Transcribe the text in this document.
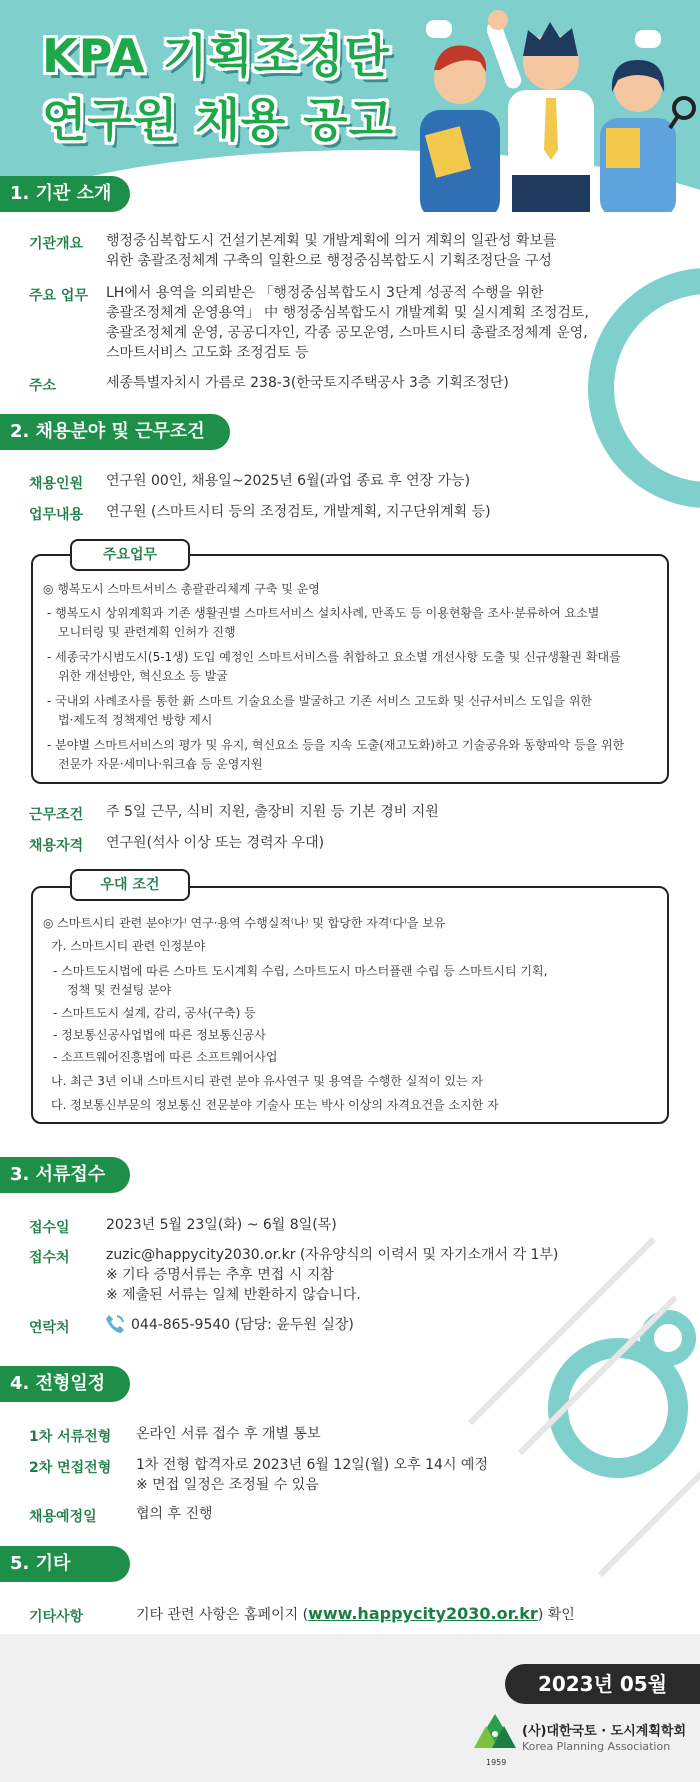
KPA 기획조정단
연구원 채용 공고
1. 기관 소개
기관개요 행정중심복합도시 건설기본계획 및 개발계획에 의거 계획의 일관성 확보를
위한 총괄조정체계 구축의 일환으로 행정중심복합도시 기획조정단을 구성
주요 업무 LH에서 용역을 의뢰받은 「행정중심복합도시 3단계 성공적 수행을 위한
총괄조정체계 운영용역」 中 행정중심복합도시 개발계획 및 실시계획 조정검토,
총괄조정체계 운영, 공공디자인, 각종 공모운영, 스마트시티 총괄조정체계 운영,
스마트서비스 고도화 조정검토 등
주소	세종특별자치시 가름로 238-3(한국토지주택공사 3층 기획조정단)
2. 채용분야 및 근무조건
채용인원 연구원 00인, 채용일~2025년 6월(과업 종료 후 연장 가능)
업무내용 연구원 (스마트시티 등의 조정검토, 개발계획, 지구단위계획 등)
주요업무
◎ 행복도시 스마트서비스 총괄관리체계 구축 및 운영
- 행복도시 상위계획과 기존 생활권별 스마트서비스 설치사례, 만족도 등 이용현황을 조사·분류하여 요소별
모니터링 및 관련계획 인허가 진행
- 세종국가시범도시(5-1생) 도입 예정인 스마트서비스를 취합하고 요소별 개선사항 도출 및 신규생활권 확대를
위한 개선방안, 혁신요소 등 발굴
- 국내외 사례조사를 통한 新 스마트 기술요소를 발굴하고 기존 서비스 고도화 및 신규서비스 도입을 위한
법·제도적 정책제언 방향 제시
- 분야별 스마트서비스의 평가 및 유지, 혁신요소 등을 지속 도출(재고도화)하고 기술공유와 동향파악 등을 위한
전문가 자문·세미나·워크숍 등 운영지원
근무조건 주 5일 근무, 식비 지원, 출장비 지원 등 기본 경비 지원
채용자격 연구원(석사 이상 또는 경력자 우대)
우대 조건
◎ 스마트시티 관련 분야⁽가⁾ 연구·용역 수행실적⁽나⁾ 및 합당한 자격⁽다⁾을 보유
가. 스마트시티 관련 인정분야
- 스마트도시법에 따른 스마트 도시계획 수립, 스마트도시 마스터플랜 수립 등 스마트시티 기획,
정책 및 컨설팅 분야
- 스마트도시 설계, 감리, 공사(구축) 등
- 정보통신공사업법에 따른 정보통신공사
- 소프트웨어진흥법에 따른 소프트웨어사업
나. 최근 3년 이내 스마트시티 관련 분야 유사연구 및 용역을 수행한 실적이 있는 자
다. 정보통신부문의 정보통신 전문분야 기술사 또는 박사 이상의 자격요건을 소지한 자
3. 서류접수
접수일	2023년 5월 23일(화) ~ 6월 8일(목)
접수처	zuzic@happycity2030.or.kr (자유양식의 이력서 및 자기소개서 각 1부)
※ 기타 증명서류는 추후 면접 시 지참
※ 제출된 서류는 일체 반환하지 않습니다.
연락처	044-865-9540 (담당: 윤두원 실장)
4. 전형일정
1차 서류전형 온라인 서류 접수 후 개별 통보
2차 면접전형 1차 전형 합격자로 2023년 6월 12일(월) 오후 14시 예정
※ 면접 일정은 조정될 수 있음
채용예정일	협의 후 진행
5. 기타
기타사항	기타 관련 사항은 홈페이지 (www.happycity2030.or.kr) 확인
2023년 05월
1959
(사)대한국토 · 도시계획학회
Korea Planning Association
